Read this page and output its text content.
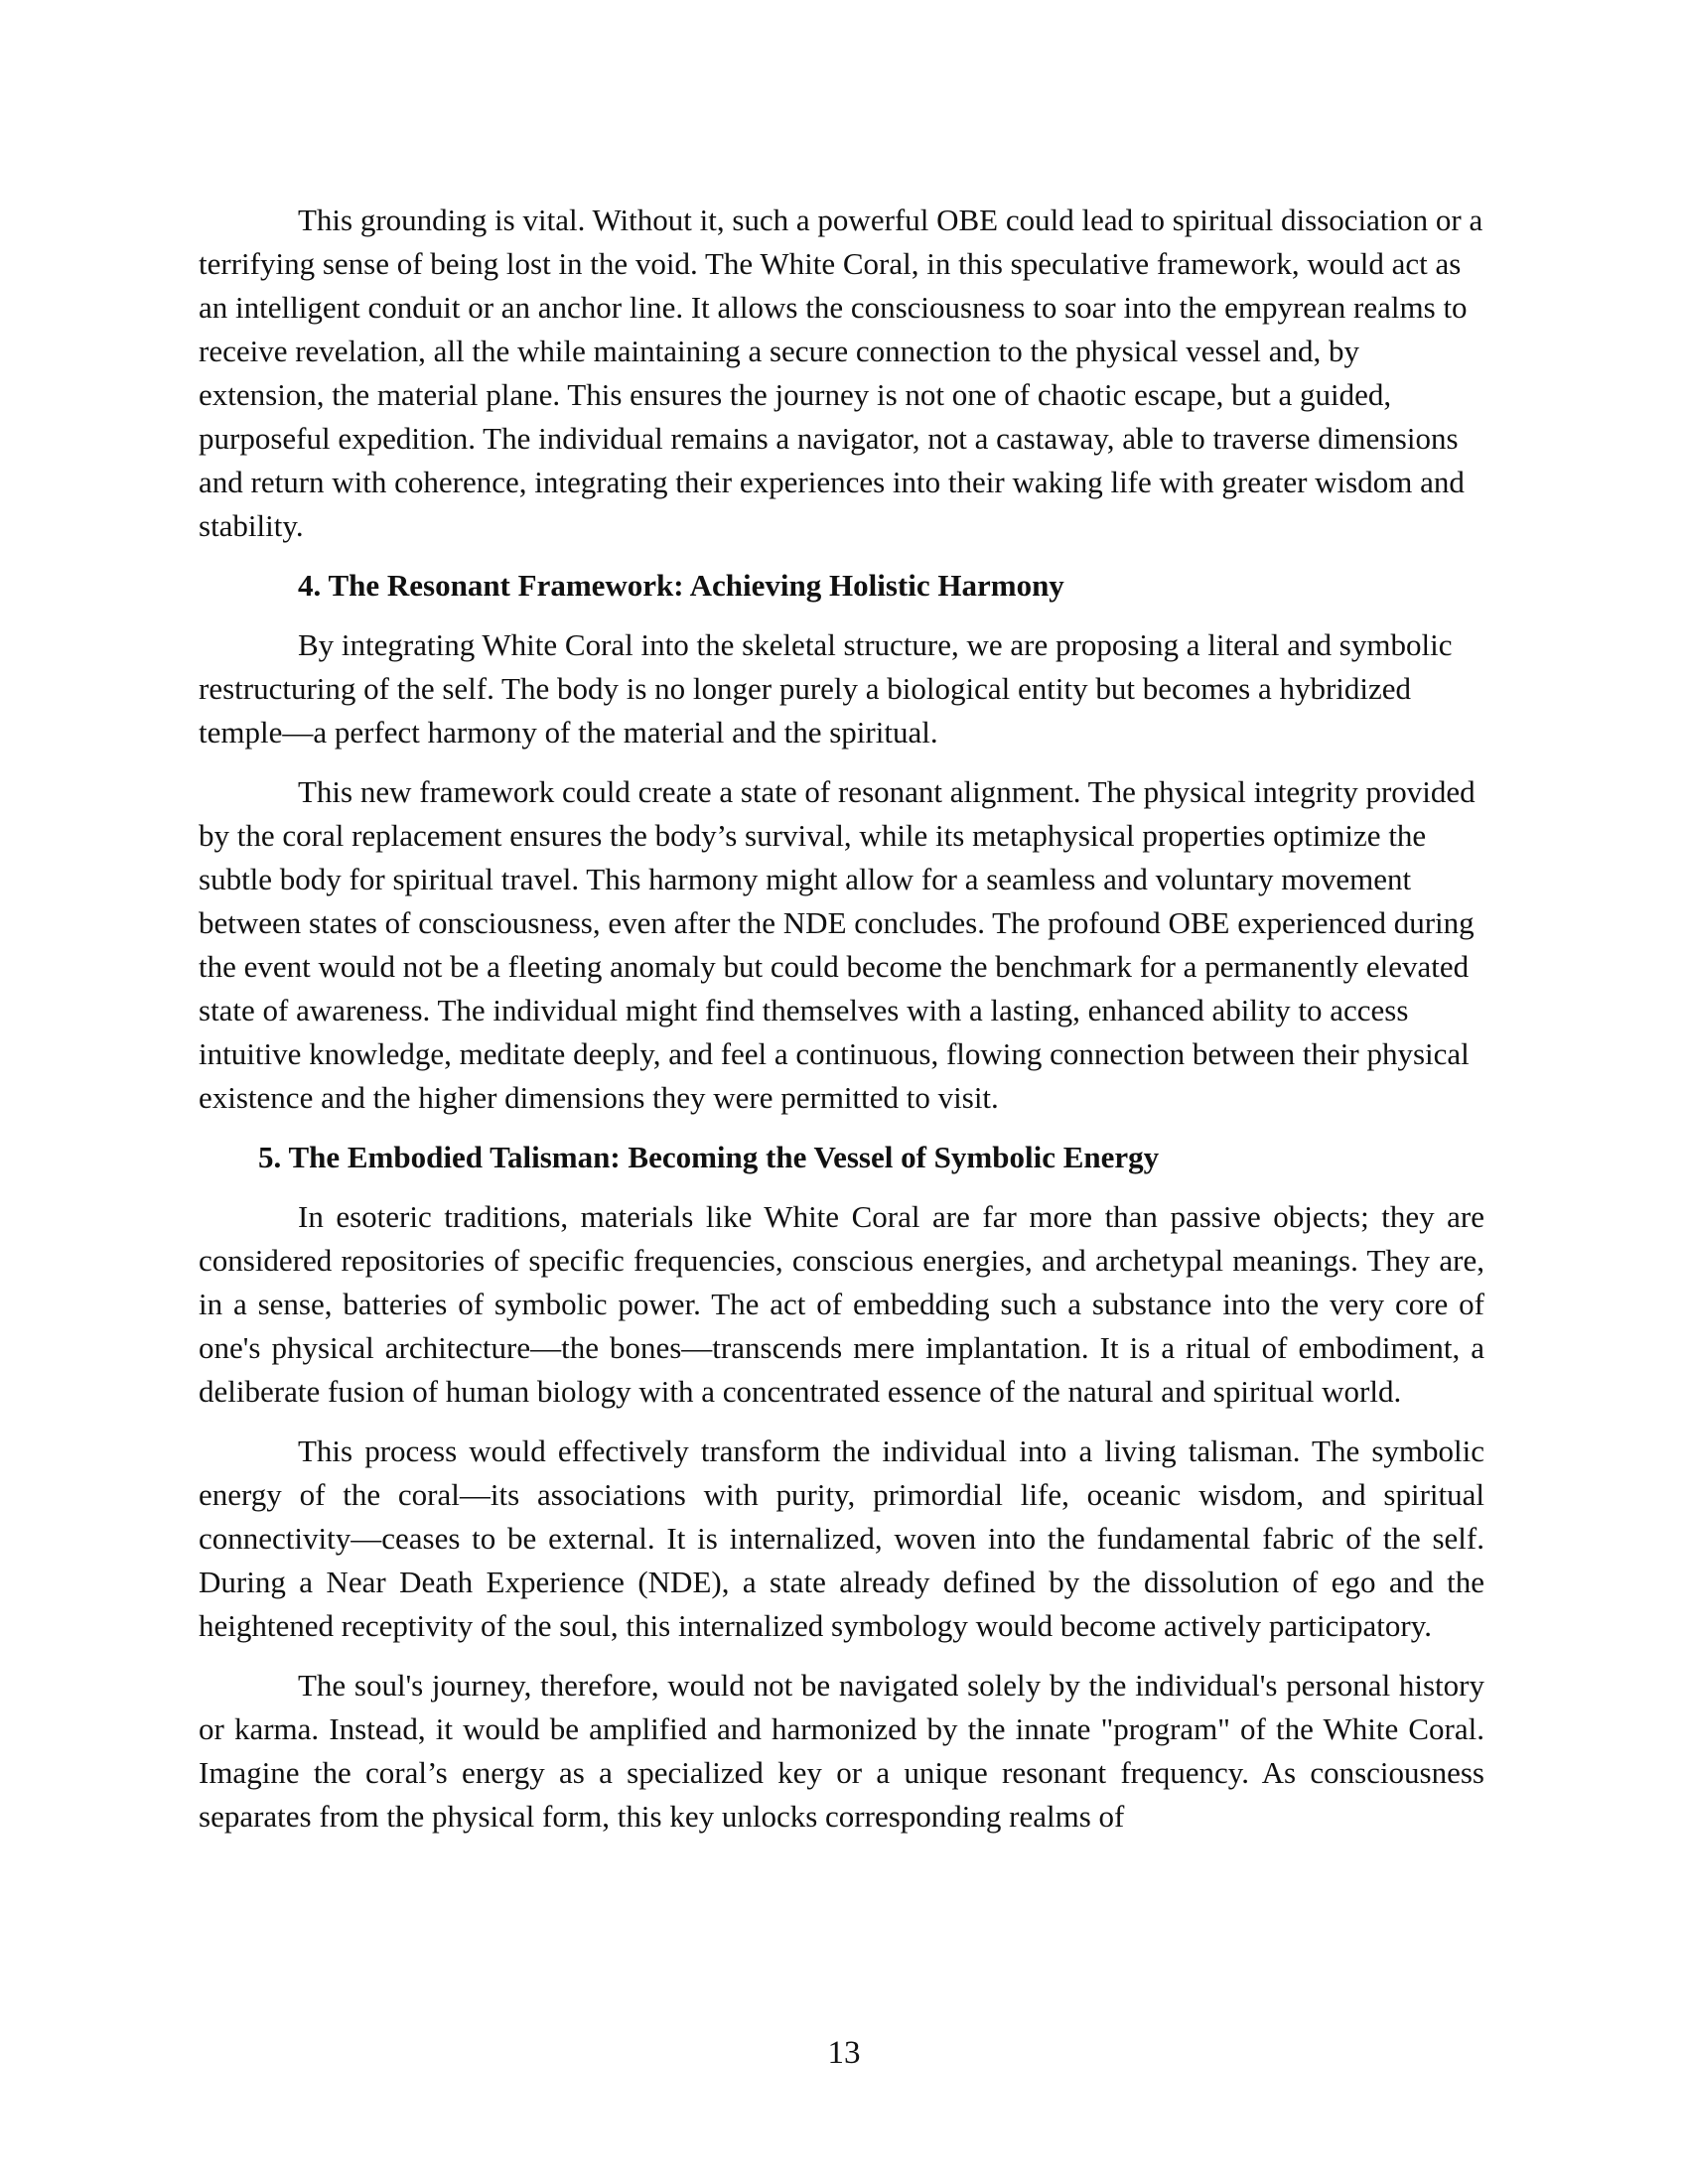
This grounding is vital. Without it, such a powerful OBE could lead to spiritual dissociation or a terrifying sense of being lost in the void. The White Coral, in this speculative framework, would act as an intelligent conduit or an anchor line. It allows the consciousness to soar into the empyrean realms to receive revelation, all the while maintaining a secure connection to the physical vessel and, by extension, the material plane. This ensures the journey is not one of chaotic escape, but a guided, purposeful expedition. The individual remains a navigator, not a castaway, able to traverse dimensions and return with coherence, integrating their experiences into their waking life with greater wisdom and stability.

4. The Resonant Framework: Achieving Holistic Harmony

By integrating White Coral into the skeletal structure, we are proposing a literal and symbolic restructuring of the self. The body is no longer purely a biological entity but becomes a hybridized temple—a perfect harmony of the material and the spiritual.

This new framework could create a state of resonant alignment. The physical integrity provided by the coral replacement ensures the body’s survival, while its metaphysical properties optimize the subtle body for spiritual travel. This harmony might allow for a seamless and voluntary movement between states of consciousness, even after the NDE concludes. The profound OBE experienced during the event would not be a fleeting anomaly but could become the benchmark for a permanently elevated state of awareness. The individual might find themselves with a lasting, enhanced ability to access intuitive knowledge, meditate deeply, and feel a continuous, flowing connection between their physical existence and the higher dimensions they were permitted to visit.

5. The Embodied Talisman: Becoming the Vessel of Symbolic Energy

In esoteric traditions, materials like White Coral are far more than passive objects; they are considered repositories of specific frequencies, conscious energies, and archetypal meanings. They are, in a sense, batteries of symbolic power. The act of embedding such a substance into the very core of one's physical architecture—the bones—transcends mere implantation. It is a ritual of embodiment, a deliberate fusion of human biology with a concentrated essence of the natural and spiritual world.

This process would effectively transform the individual into a living talisman. The symbolic energy of the coral—its associations with purity, primordial life, oceanic wisdom, and spiritual connectivity—ceases to be external. It is internalized, woven into the fundamental fabric of the self. During a Near Death Experience (NDE), a state already defined by the dissolution of ego and the heightened receptivity of the soul, this internalized symbology would become actively participatory.

The soul's journey, therefore, would not be navigated solely by the individual's personal history or karma. Instead, it would be amplified and harmonized by the innate "program" of the White Coral. Imagine the coral’s energy as a specialized key or a unique resonant frequency. As consciousness separates from the physical form, this key unlocks corresponding realms of

13
